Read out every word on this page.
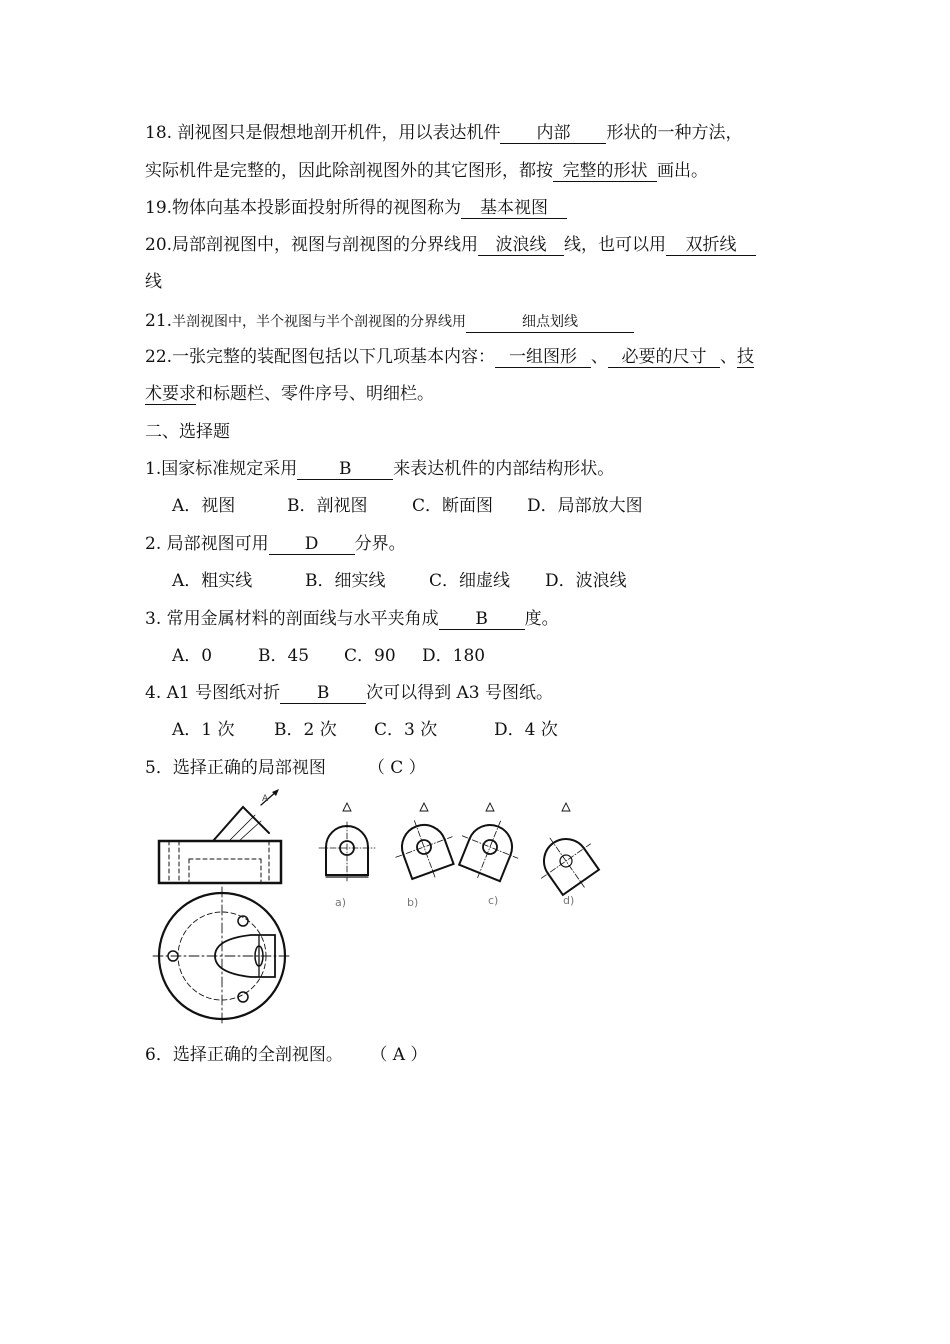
18. 剖视图只是假想地剖开机件，用以表达机件 内部 形状的一种方法，
实际机件是完整的，因此除剖视图外的其它图形，都按 完整的形状 画出。
19.物体向基本投影面投射所得的视图称为 基本视图
20.局部剖视图中，视图与剖视图的分界线用 波浪线 线，也可以用 双折线
线
21.半剖视图中，半个视图与半个剖视图的分界线用	细点划线
22.一张完整的装配图包括以下几项基本内容： 一组图形 、 必要的尺寸 、技
术要求和标题栏、零件序号、明细栏。
二、选择题
1.国家标准规定采用 B 来表达机件的内部结构形状。
A．视图	B．剖视图	C．断面图 D．局部放大图
2. 局部视图可用 D 分界。
A．粗实线	B．细实线	C．细虚线 D．波浪线
3. 常用金属材料的剖面线与水平夹角成 B 度。
A．0	B．45 C．90 D．180
4. A1 号图纸对折 B 次可以得到 A3 号图纸。
A．1 次 B．2 次 C．3 次	D．4 次
5．选择正确的局部视图 （ C ）
A
a)	b)	c)	d)
6．选择正确的全剖视图。 （ A ）
